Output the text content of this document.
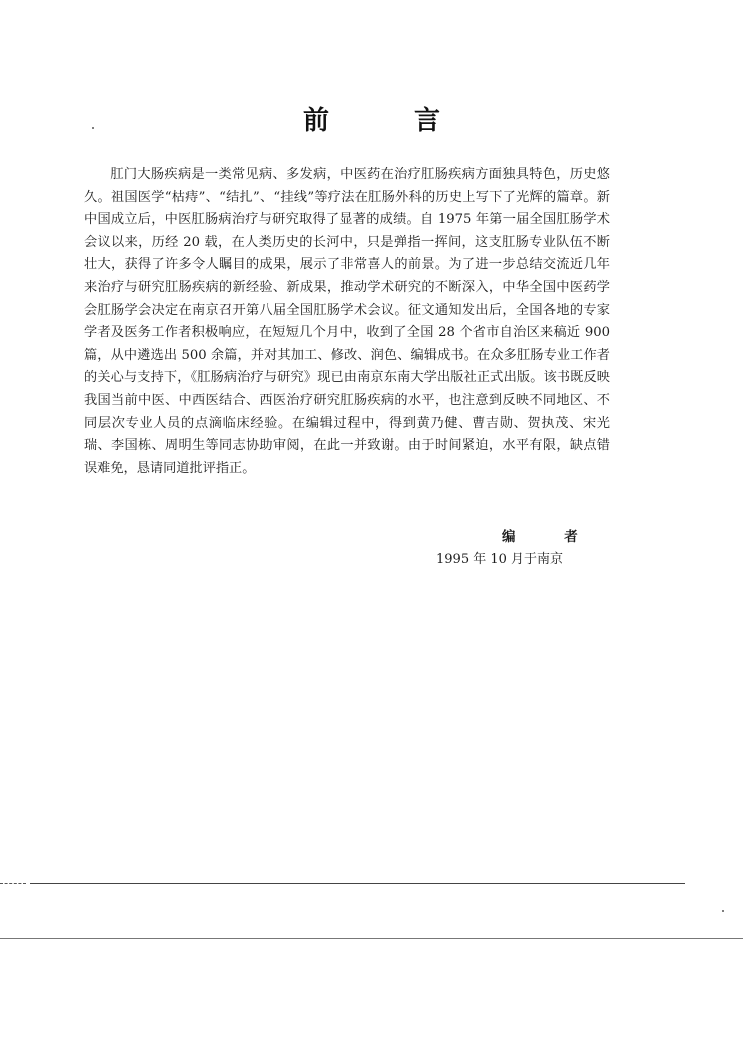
前 言

肛门大肠疾病是一类常见病、多发病，中医药在治疗肛肠疾病方面独具特色，历史悠久。祖国医学“枯痔”、“结扎”、“挂线”等疗法在肛肠外科的历史上写下了光辉的篇章。新中国成立后，中医肛肠病治疗与研究取得了显著的成绩。自 1975 年第一届全国肛肠学术会议以来，历经 20 载，在人类历史的长河中，只是弹指一挥间，这支肛肠专业队伍不断壮大，获得了许多令人瞩目的成果，展示了非常喜人的前景。为了进一步总结交流近几年来治疗与研究肛肠疾病的新经验、新成果，推动学术研究的不断深入，中华全国中医药学会肛肠学会决定在南京召开第八届全国肛肠学术会议。征文通知发出后，全国各地的专家学者及医务工作者积极响应，在短短几个月中，收到了全国 28 个省市自治区来稿近 900 篇，从中遴选出 500 余篇，并对其加工、修改、润色、编辑成书。在众多肛肠专业工作者的关心与支持下，《肛肠病治疗与研究》现已由南京东南大学出版社正式出版。该书既反映我国当前中医、中西医结合、西医治疗研究肛肠疾病的水平，也注意到反映不同地区、不同层次专业人员的点滴临床经验。在编辑过程中，得到黄乃健、曹吉勋、贺执茂、宋光瑞、李国栋、周明生等同志协助审阅，在此一并致谢。由于时间紧迫，水平有限，缺点错误难免，恳请同道批评指正。

编 者
1995 年 10 月于南京
